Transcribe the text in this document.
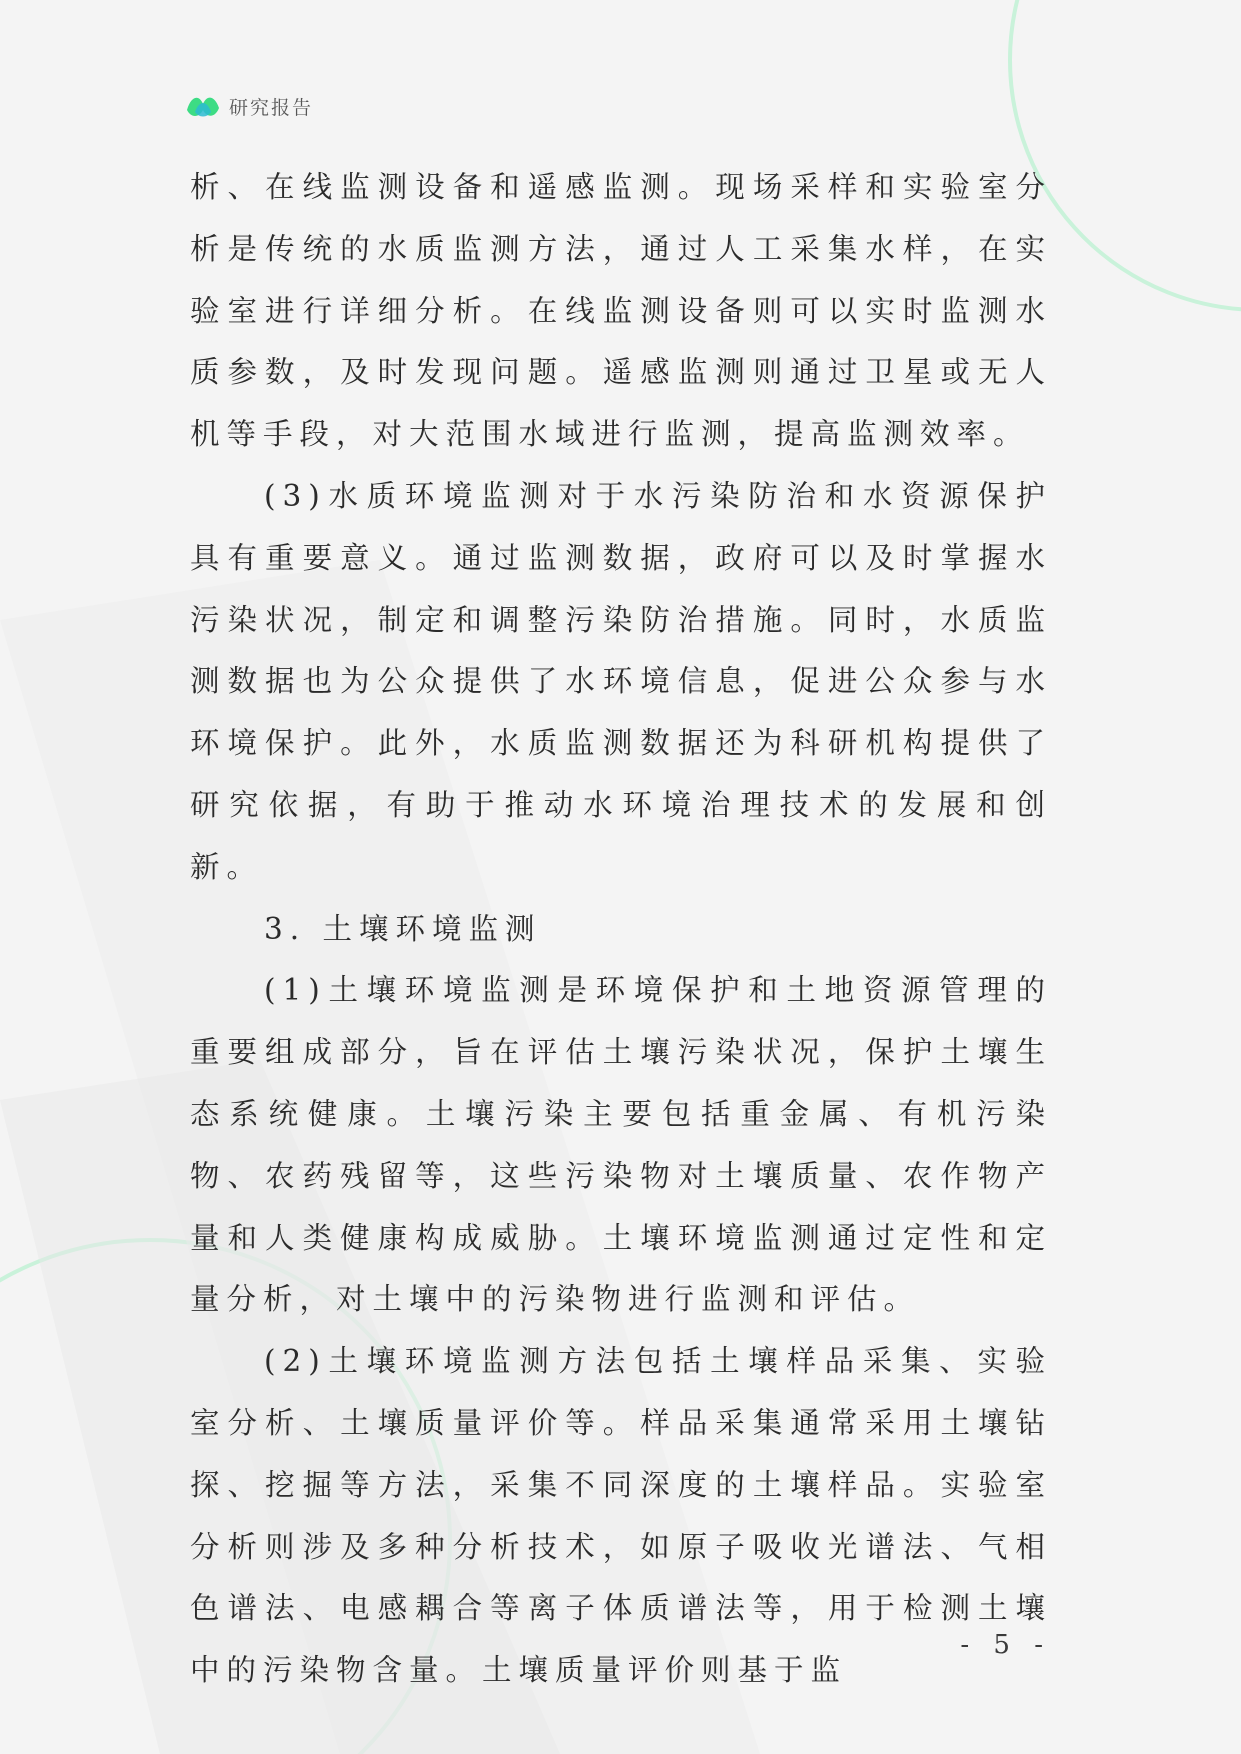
研究报告

析、在线监测设备和遥感监测。现场采样和实验室分析是传统的水质监测方法，通过人工采集水样，在实验室进行详细分析。在线监测设备则可以实时监测水质参数，及时发现问题。遥感监测则通过卫星或无人机等手段，对大范围水域进行监测，提高监测效率。

(3)水质环境监测对于水污染防治和水资源保护具有重要意义。通过监测数据，政府可以及时掌握水污染状况，制定和调整污染防治措施。同时，水质监测数据也为公众提供了水环境信息，促进公众参与水环境保护。此外，水质监测数据还为科研机构提供了研究依据，有助于推动水环境治理技术的发展和创新。

3. 土壤环境监测

(1)土壤环境监测是环境保护和土地资源管理的重要组成部分，旨在评估土壤污染状况，保护土壤生态系统健康。土壤污染主要包括重金属、有机污染物、农药残留等，这些污染物对土壤质量、农作物产量和人类健康构成威胁。土壤环境监测通过定性和定量分析，对土壤中的污染物进行监测和评估。

(2)土壤环境监测方法包括土壤样品采集、实验室分析、土壤质量评价等。样品采集通常采用土壤钻探、挖掘等方法，采集不同深度的土壤样品。实验室分析则涉及多种分析技术，如原子吸收光谱法、气相色谱法、电感耦合等离子体质谱法等，用于检测土壤中的污染物含量。土壤质量评价则基于监

- 5 -
